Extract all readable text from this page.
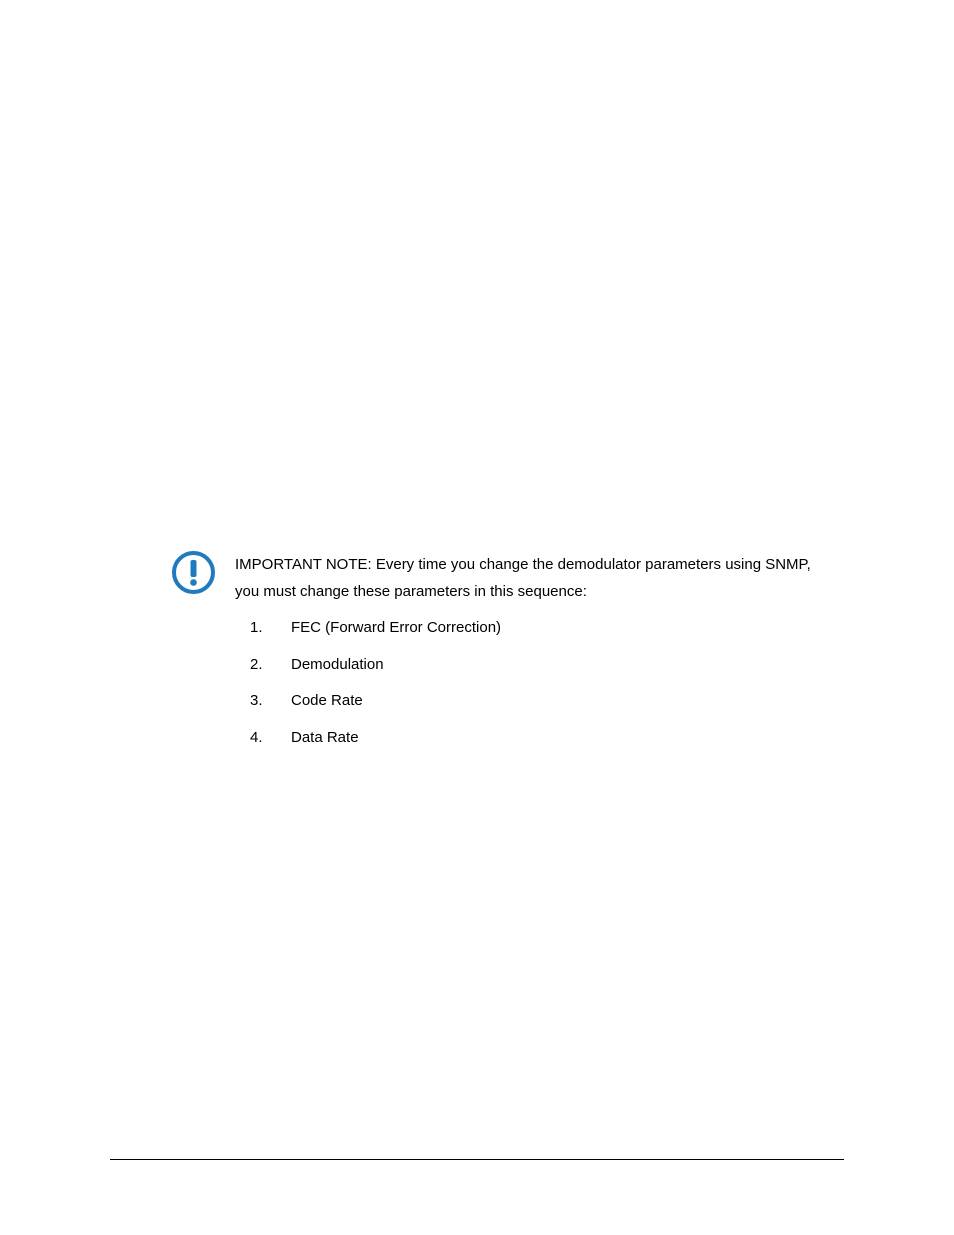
IMPORTANT NOTE: Every time you change the demodulator parameters using SNMP, you must change these parameters in this sequence:
1. FEC (Forward Error Correction)
2. Demodulation
3. Code Rate
4. Data Rate
